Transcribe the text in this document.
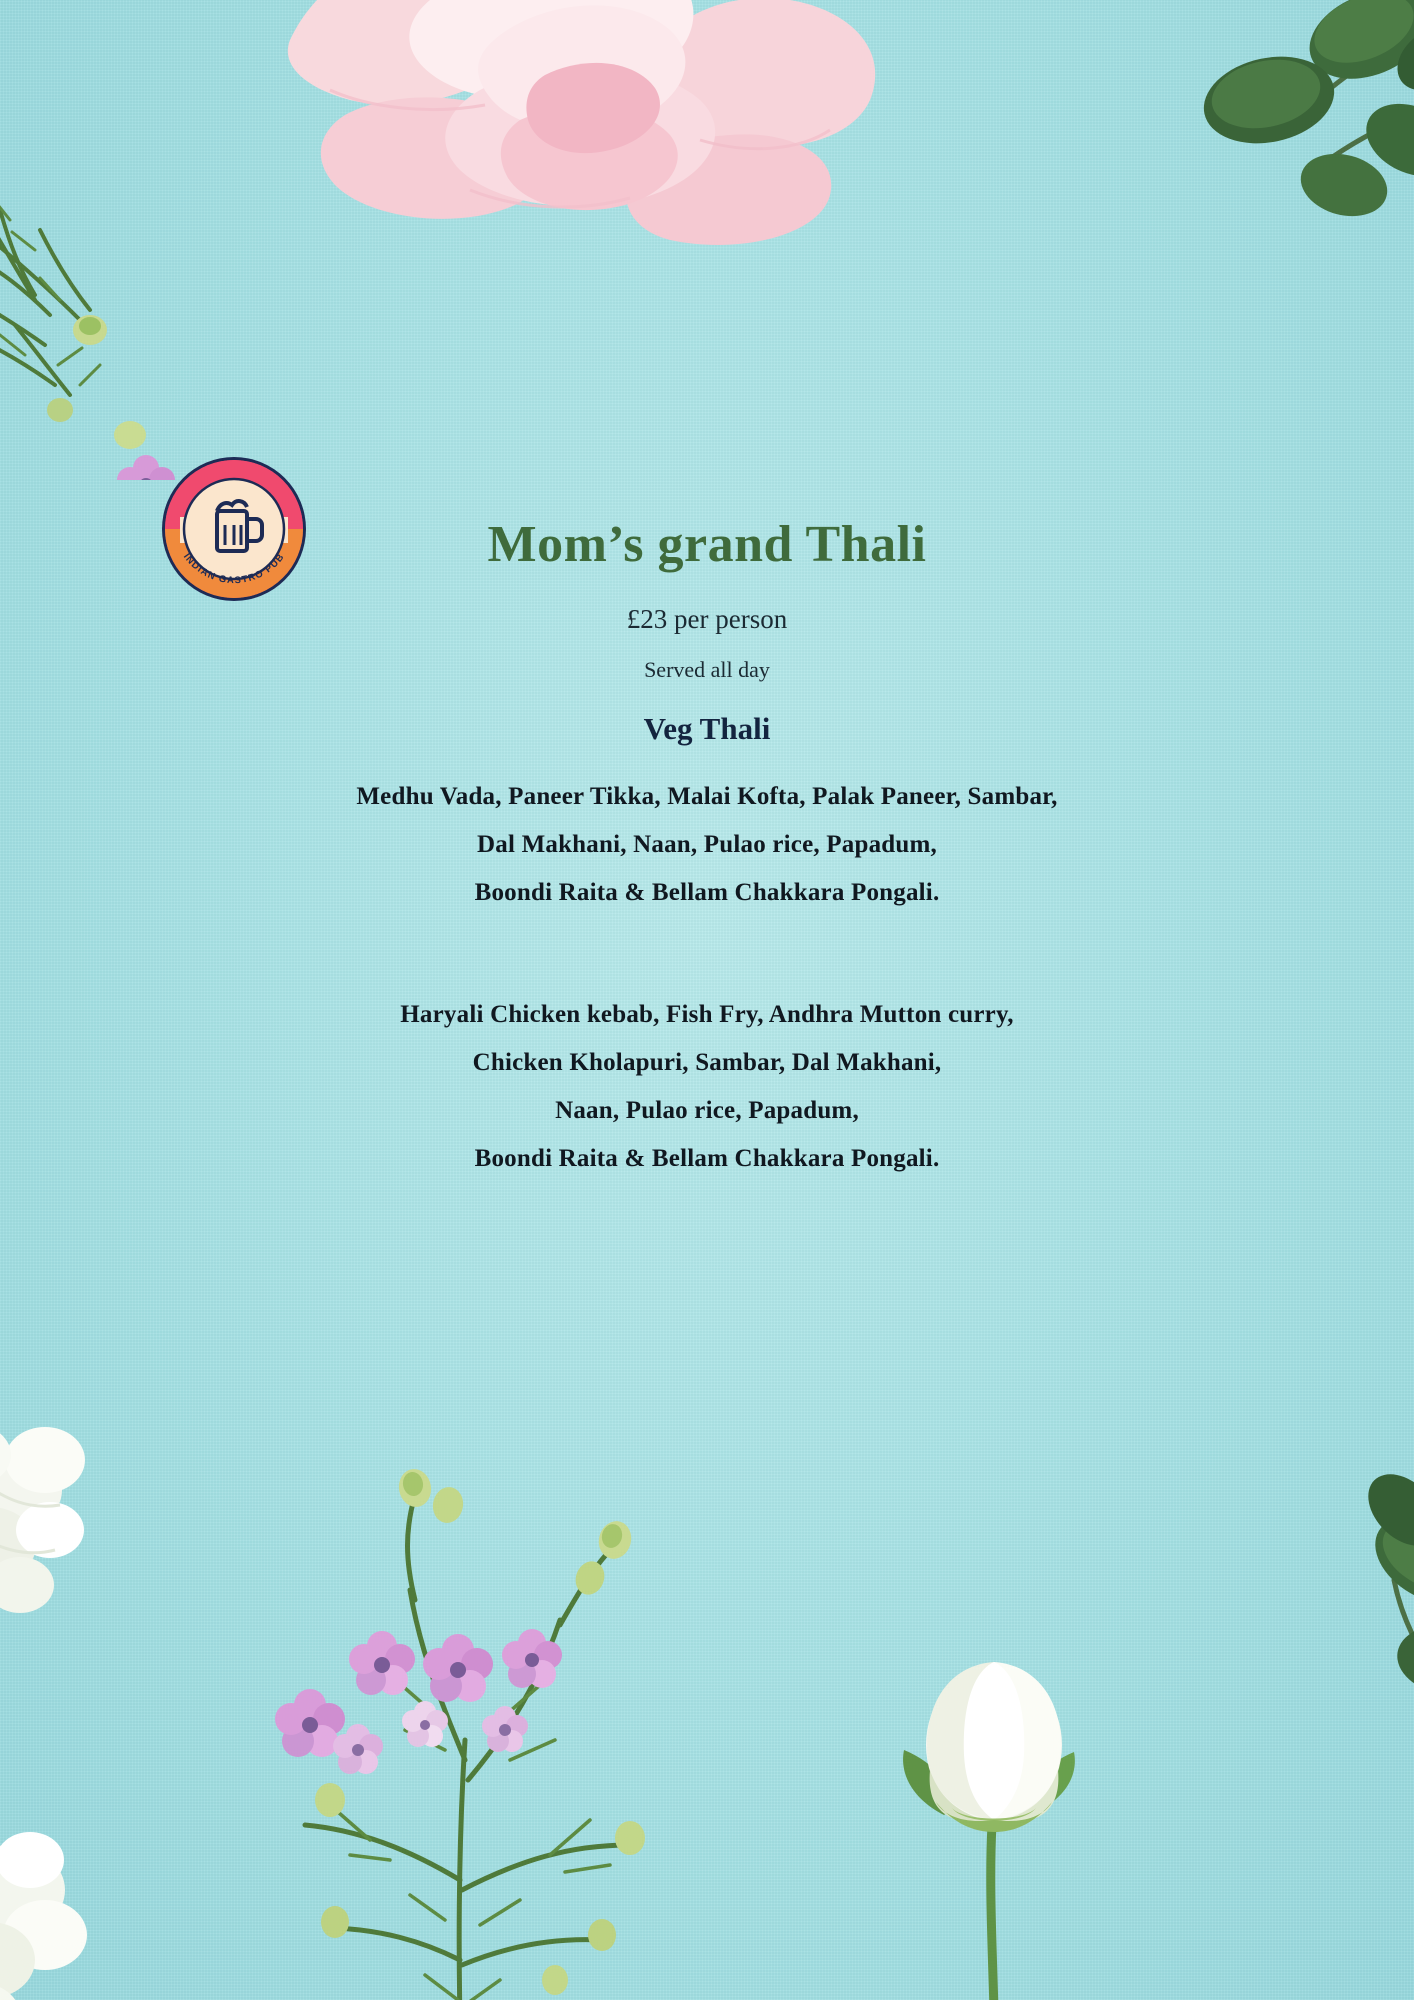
INDIAN GASTRO PUB	Mom’s grand Thali

£23 per person

Served all day

Veg Thali
Medhu Vada, Paneer Tikka, Malai Kofta, Palak Paneer, Sambar,
Dal Makhani, Naan, Pulao rice, Papadum,
Boondi Raita & Bellam Chakkara Pongali.
Haryali Chicken kebab, Fish Fry, Andhra Mutton curry,
Chicken Kholapuri, Sambar, Dal Makhani,
Naan, Pulao rice, Papadum,
Boondi Raita & Bellam Chakkara Pongali.
